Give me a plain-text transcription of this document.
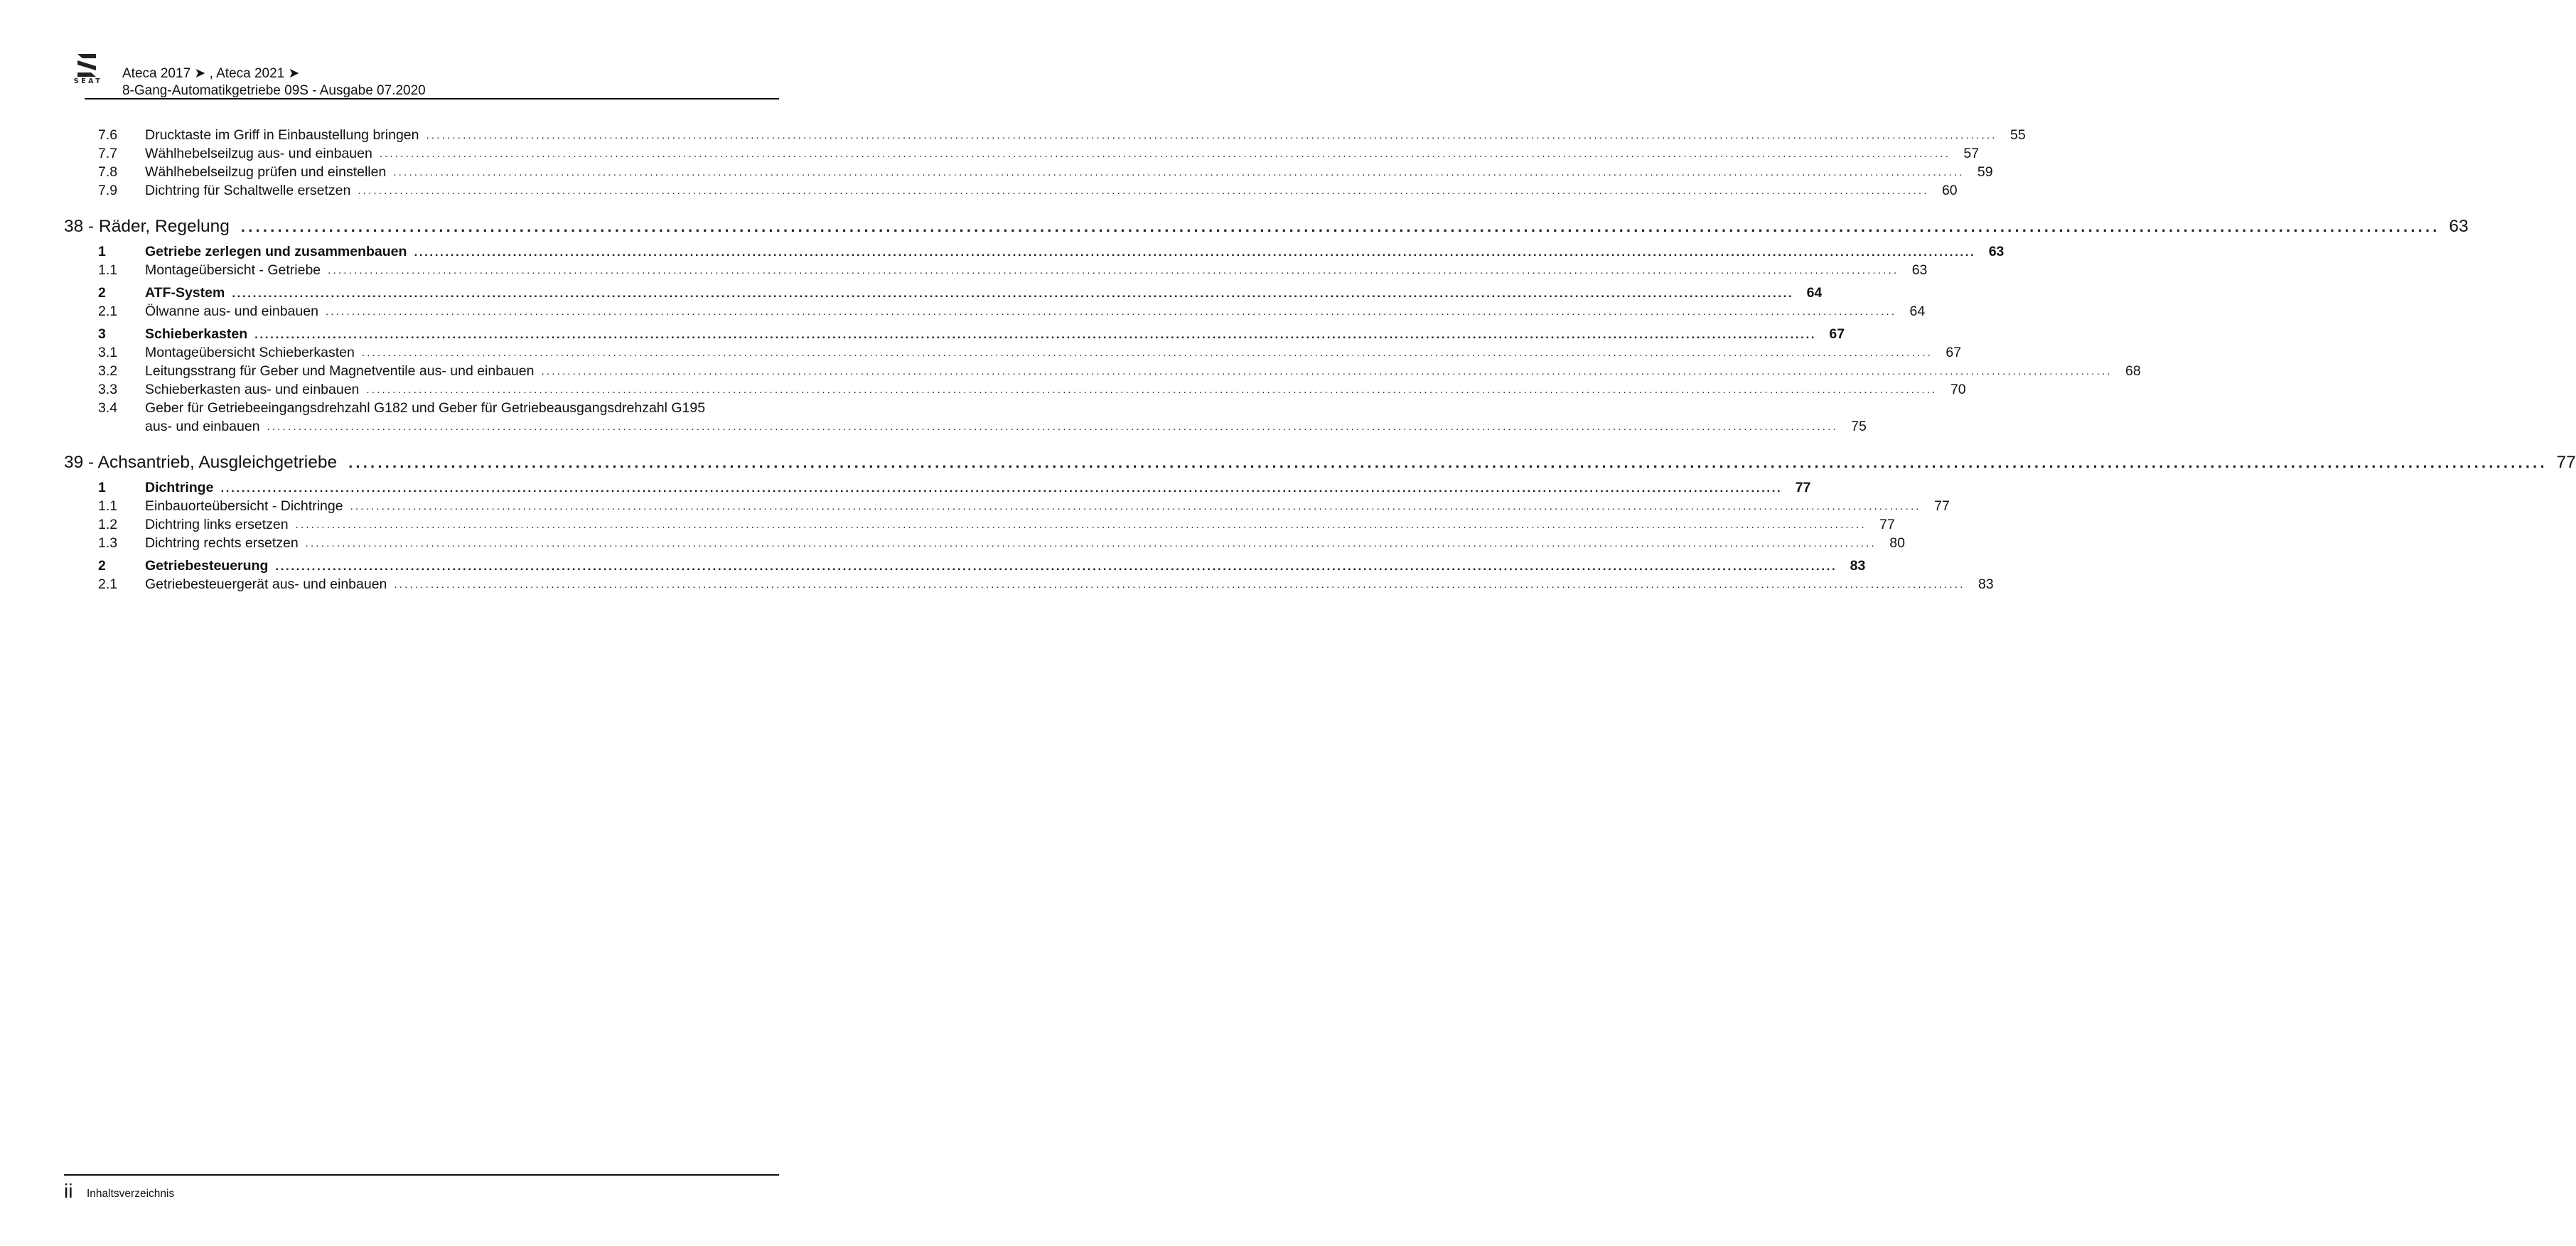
SEAT
Ateca 2017 ➤ , Ateca 2021 ➤
8-Gang-Automatikgetriebe 09S - Ausgabe 07.2020
7.6	Drucktaste im Griff in Einbaustellung bringen ............................................................................................................................................................................................................................................................................................................ 55
7.7	Wählhebelseilzug aus- und einbauen ............................................................................................................................................................................................................................................................................................................ 57
7.8	Wählhebelseilzug prüfen und einstellen ............................................................................................................................................................................................................................................................................................................ 59
7.9	Dichtring für Schaltwelle ersetzen ............................................................................................................................................................................................................................................................................................................ 60
38 - Räder, Regelung ............................................................................................................................................................................................................................................................................................................ 63
1	Getriebe zerlegen und zusammenbauen ............................................................................................................................................................................................................................................................................................................ 63
1.1	Montageübersicht - Getriebe ............................................................................................................................................................................................................................................................................................................ 63
2	ATF-System ............................................................................................................................................................................................................................................................................................................ 64
2.1	Ölwanne aus- und einbauen ............................................................................................................................................................................................................................................................................................................ 64
3	Schieberkasten ............................................................................................................................................................................................................................................................................................................ 67
3.1	Montageübersicht Schieberkasten ............................................................................................................................................................................................................................................................................................................ 67
3.2	Leitungsstrang für Geber und Magnetventile aus- und einbauen ............................................................................................................................................................................................................................................................................................................ 68
3.3	Schieberkasten aus- und einbauen ............................................................................................................................................................................................................................................................................................................ 70
3.4	Geber für Getriebeeingangsdrehzahl G182 und Geber für Getriebeausgangsdrehzahl G195
aus- und einbauen ............................................................................................................................................................................................................................................................................................................ 75
39 - Achsantrieb, Ausgleichgetriebe ............................................................................................................................................................................................................................................................................................................ 77
1	Dichtringe ............................................................................................................................................................................................................................................................................................................ 77
1.1	Einbauorteübersicht - Dichtringe ............................................................................................................................................................................................................................................................................................................ 77
1.2	Dichtring links ersetzen ............................................................................................................................................................................................................................................................................................................ 77
1.3	Dichtring rechts ersetzen ............................................................................................................................................................................................................................................................................................................ 80
2	Getriebesteuerung ............................................................................................................................................................................................................................................................................................................ 83
2.1	Getriebesteuergerät aus- und einbauen ............................................................................................................................................................................................................................................................................................................ 83
ii Inhaltsverzeichnis
